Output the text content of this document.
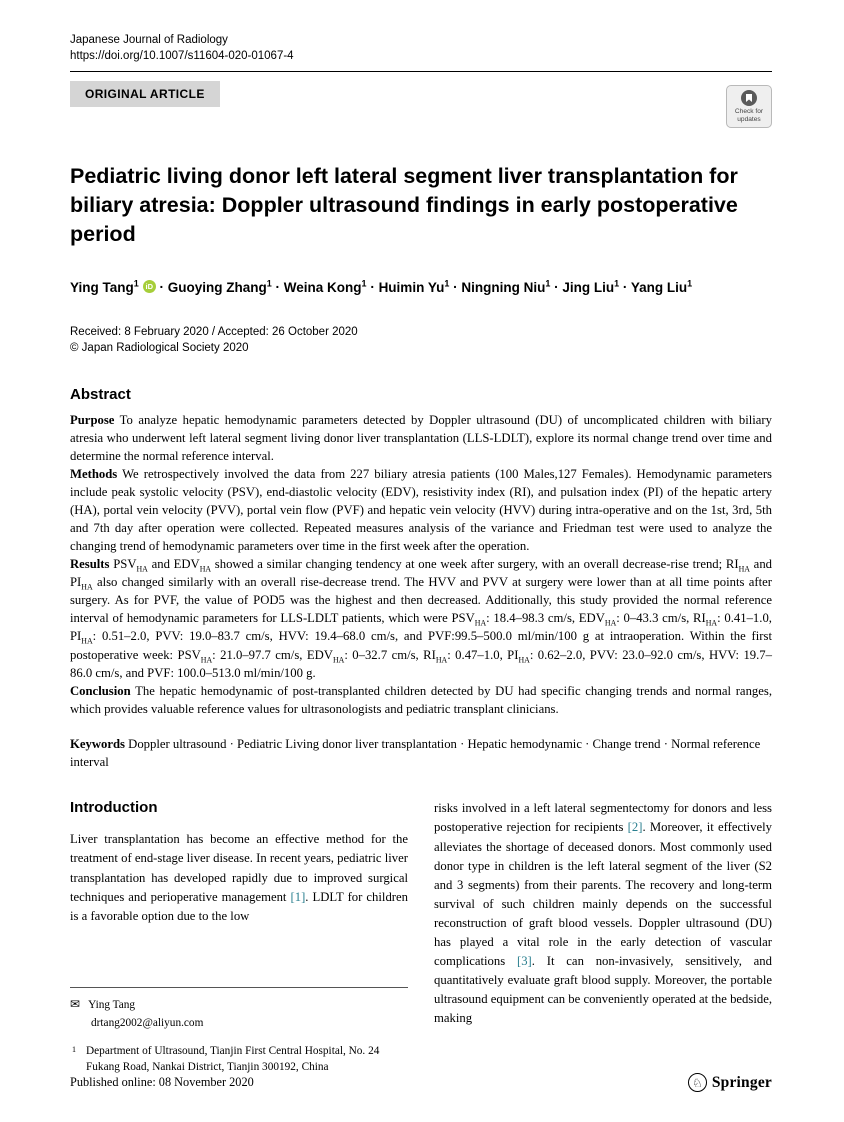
Japanese Journal of Radiology
https://doi.org/10.1007/s11604-020-01067-4
ORIGINAL ARTICLE
Check for
updates
Pediatric living donor left lateral segment liver transplantation for biliary atresia: Doppler ultrasound findings in early postoperative period
Ying Tang$^1$ iD · Guoying Zhang$^1$ · Weina Kong$^1$ · Huimin $Yu^1$ · Ningning Niu$^1$ · Jing Liu$^1$ · Yang Liu$^1$
Received: 8 February 2020 / Accepted: 26 October 2020
© Japan Radiological Society 2020
Abstract

Purpose To analyze hepatic hemodynamic parameters detected by Doppler ultrasound (DU) of uncomplicated children with biliary atresia who underwent left lateral segment living donor liver transplantation (LLS-LDLT), explore its normal change trend over time and determine the normal reference interval.

Methods We retrospectively involved the data from 227 biliary atresia patients (100 Males,127 Females). Hemodynamic parameters include peak systolic velocity (PSV), end-diastolic velocity (EDV), resistivity index (RI), and pulsation index (PI) of the hepatic artery (HA), portal vein velocity (PVV), portal vein flow (PVF) and hepatic vein velocity (HVV) during intra-operative and on the 1st, 3rd, 5th and 7th day after operation were collected. Repeated measures analysis of the variance and Friedman test were used to analyze the changing trend of hemodynamic parameters over time in the first week after the operation.

Results $PSV_{HA}$ and $EDV_{HA}$ showed a similar changing tendency at one week after surgery, with an overall decrease-rise trend; $RI_{HA}$ and $PI_{HA}$ also changed similarly with an overall rise-decrease trend. The HVV and PVV at surgery were lower than at all time points after surgery. As for PVF, the value of POD5 was the highest and then decreased. Additionally, this study provided the normal reference interval of hemodynamic parameters for LLS-LDLT patients, which were $PSV_{HA}$: 18.4–98.3 cm/s, $EDV_{HA}$: 0–43.3 cm/s, $RI_{HA}$: 0.41–1.0, $PI_{HA}$: 0.51–2.0, PVV: 19.0–83.7 cm/s, HVV: 19.4–68.0 cm/s, and PVF:99.5–500.0 ml/min/100 g at intraoperation. Within the first postoperative week: $PSV_{HA}$: 21.0–97.7 cm/s, $EDV_{HA}$: 0–32.7 cm/s, $RI_{HA}$: 0.47–1.0, $PI_{HA}$: 0.62–2.0, PVV: 23.0–92.0 cm/s, HVV: 19.7–86.0 cm/s, and PVF: 100.0–513.0 ml/min/100 g.

Conclusion The hepatic hemodynamic of post-transplanted children detected by DU had specific changing trends and normal ranges, which provides valuable reference values for ultrasonologists and pediatric transplant clinicians.

Keywords Doppler ultrasound · Pediatric Living donor liver transplantation · Hepatic hemodynamic · Change trend · Normal reference interval

Introduction

Liver transplantation has become an effective method for the treatment of end-stage liver disease. In recent years, pediatric liver transplantation has developed rapidly due to improved surgical techniques and perioperative management [1]. LDLT for children is a favorable option due to the low

✉ Ying Tang
drtang2002@aliyun.com
1 Department of Ultrasound, Tianjin First Central Hospital, No. 24 Fukang Road, Nankai District, Tianjin 300192, China

risks involved in a left lateral segmentectomy for donors and less postoperative rejection for recipients [2]. Moreover, it effectively alleviates the shortage of deceased donors. Most commonly used donor type in children is the left lateral segment of the liver (S2 and 3 segments) from their parents. The recovery and long-term survival of such children mainly depends on the successful reconstruction of graft blood vessels. Doppler ultrasound (DU) has played a vital role in the early detection of vascular complications [3]. It can non-invasively, sensitively, and quantitatively evaluate graft blood supply. Moreover, the portable ultrasound equipment can be conveniently operated at the bedside, making

Published online: 08 November 2020	♘ Springer
